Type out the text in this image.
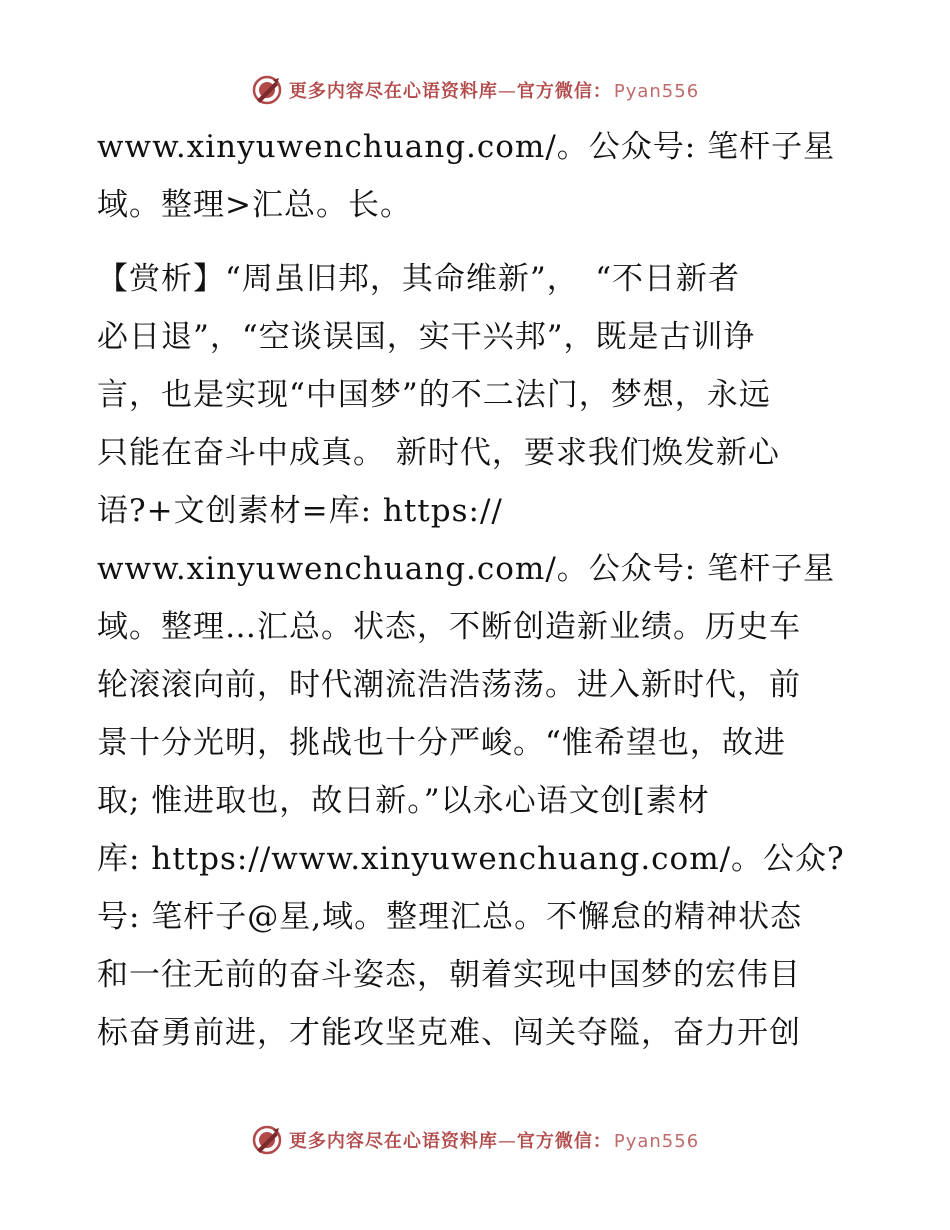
更多内容尽在心语资料库—官方微信： Pyan556
www.xinyuwenchuang.com/。公众号: 笔杆子星
域。整理>汇总。长。
【赏析】“周虽旧邦，其命维新”，　“不日新者
必日退”，“空谈误国，实干兴邦”，既是古训诤
言，也是实现“中国梦”的不二法门，梦想，永远
只能在奋斗中成真。 新时代，要求我们焕发新心
语?+文创素材=库: https://
www.xinyuwenchuang.com/。公众号: 笔杆子星
域。整理…汇总。状态，不断创造新业绩。历史车
轮滚滚向前，时代潮流浩浩荡荡。进入新时代，前
景十分光明，挑战也十分严峻。“惟希望也，故进
取; 惟进取也，故日新。”以永心语文创[素材
库: https://www.xinyuwenchuang.com/。公众?
号: 笔杆子@星,域。整理汇总。不懈怠的精神状态
和一往无前的奋斗姿态，朝着实现中国梦的宏伟目
标奋勇前进，才能攻坚克难、闯关夺隘，奋力开创
更多内容尽在心语资料库—官方微信： Pyan556
